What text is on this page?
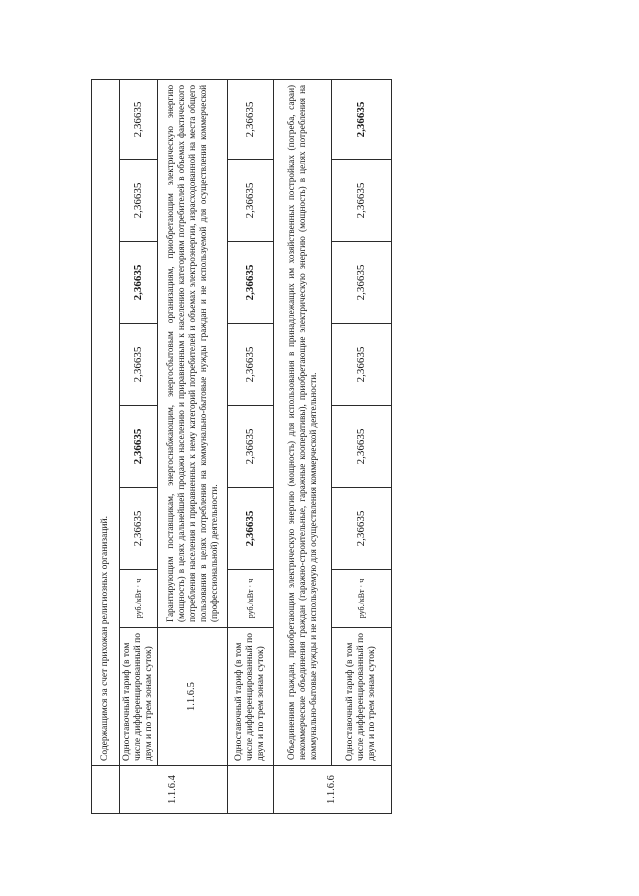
	Содержащимся за счет прихожан религиозных организаций.							
1.1.6.4	Одноставочный тариф (в том числе дифференцированный по двум и по трем зонам суток)	руб./кВт · ч	2,36635	2,36635	2,36635	2,36635	2,36635	2,36635
	1.1.6.5	Гарантирующим поставщикам, энергоснабжающим, энергосбытовым организациям, приобретающим электрическую энергию (мощность) в целях дальнейшей продажи населению и приравненным к населению категориям потребителей в объемах фактического потребления населения и приравненных к нему категорий потребителей и объемах электроэнергии, израсходованной на места общего пользования в целях потребления на коммунально-бытовые нужды граждан и не используемой для осуществления коммерческой (профессиональной) деятельности.						
	Одноставочный тариф (в том числе дифференцированный по двум и по трем зонам суток)	руб./кВт · ч	2,36635	2,36635	2,36635	2,36635	2,36635	2,36635
1.1.6.6	Объединениям граждан, приобретающим электрическую энергию (мощность) для использования в принадлежащих им хозяйственных постройках (погреба, сараи) некоммерческие объединения граждан (гаражно-строительные, гаражные кооперативы), приобретающие электрическую энергию (мощность) в целях потребления на коммунально-бытовые нужды и не используемую для осуществления коммерческой деятельности.							
	Одноставочный тариф (в том числе дифференцированный по двум и по трем зонам суток)	руб./кВт · ч	2,36635	2,36635	2,36635	2,36635	2,36635	2,36635
